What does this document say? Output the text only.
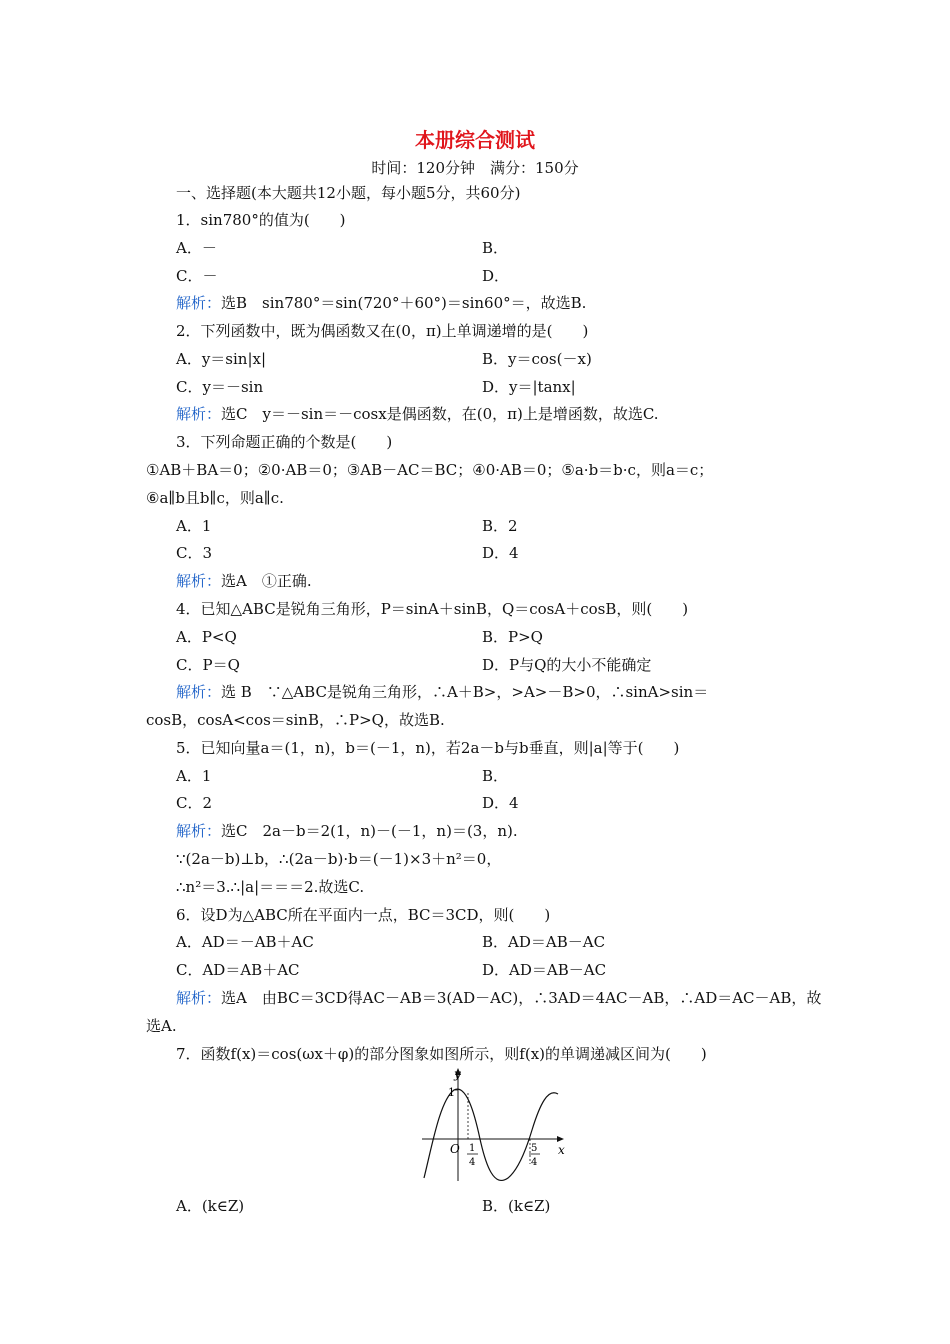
本册综合测试
时间：120分钟　满分：150分
一、选择题(本大题共12小题，每小题5分，共60分)
1．sin780°的值为(　　)
A．－	B．
C．－	D．
解析：选B　sin780°＝sin(720°＋60°)＝sin60°＝，故选B.
2．下列函数中，既为偶函数又在(0，π)上单调递增的是(　　)
A．y＝sin|x|	B．y＝cos(－x)
C．y＝－sin	D．y＝|tanx|
解析：选C　y＝－sin＝－cosx是偶函数，在(0，π)上是增函数，故选C.
3．下列命题正确的个数是(　　)
①AB＋BA＝0；②0·AB＝0；③AB－AC＝BC；④0·AB＝0；⑤a·b＝b·c，则a＝c；
⑥a∥b且b∥c，则a∥c.
A．1	B．2
C．3	D．4
解析：选A　①正确.
4．已知△ABC是锐角三角形，P＝sinA＋sinB，Q＝cosA＋cosB，则(　　)
A．P<Q	B．P>Q
C．P＝Q	D．P与Q的大小不能确定
解析：选 B　∵△ABC是锐角三角形，∴A＋B>，>A>－B>0，∴sinA>sin＝
cosB，cosA<cos＝sinB，∴P>Q，故选B.
5．已知向量a＝(1，n)，b＝(－1，n)，若2a－b与b垂直，则|a|等于(　　)
A．1	B．
C．2	D．4
解析：选C　2a－b＝2(1，n)－(－1，n)＝(3，n).
∵(2a－b)⊥b，∴(2a－b)·b＝(－1)×3＋n²＝0，
∴n²＝3.∴|a|＝＝＝2.故选C.
6．设D为△ABC所在平面内一点，BC＝3CD，则(　　)
A．AD＝－AB＋AC	B．AD＝AB－AC
C．AD＝AB＋AC	D．AD＝AB－AC
解析：选A　由BC＝3CD得AC－AB＝3(AD－AC)，∴3AD＝4AC－AB，∴AD＝AC－AB，故
选A.
7．函数f(x)＝cos(ωx＋φ)的部分图象如图所示，则f(x)的单调递减区间为(　　)
y
x
1
O 1
4
5
4
A．(k∈Z)	B．(k∈Z)
